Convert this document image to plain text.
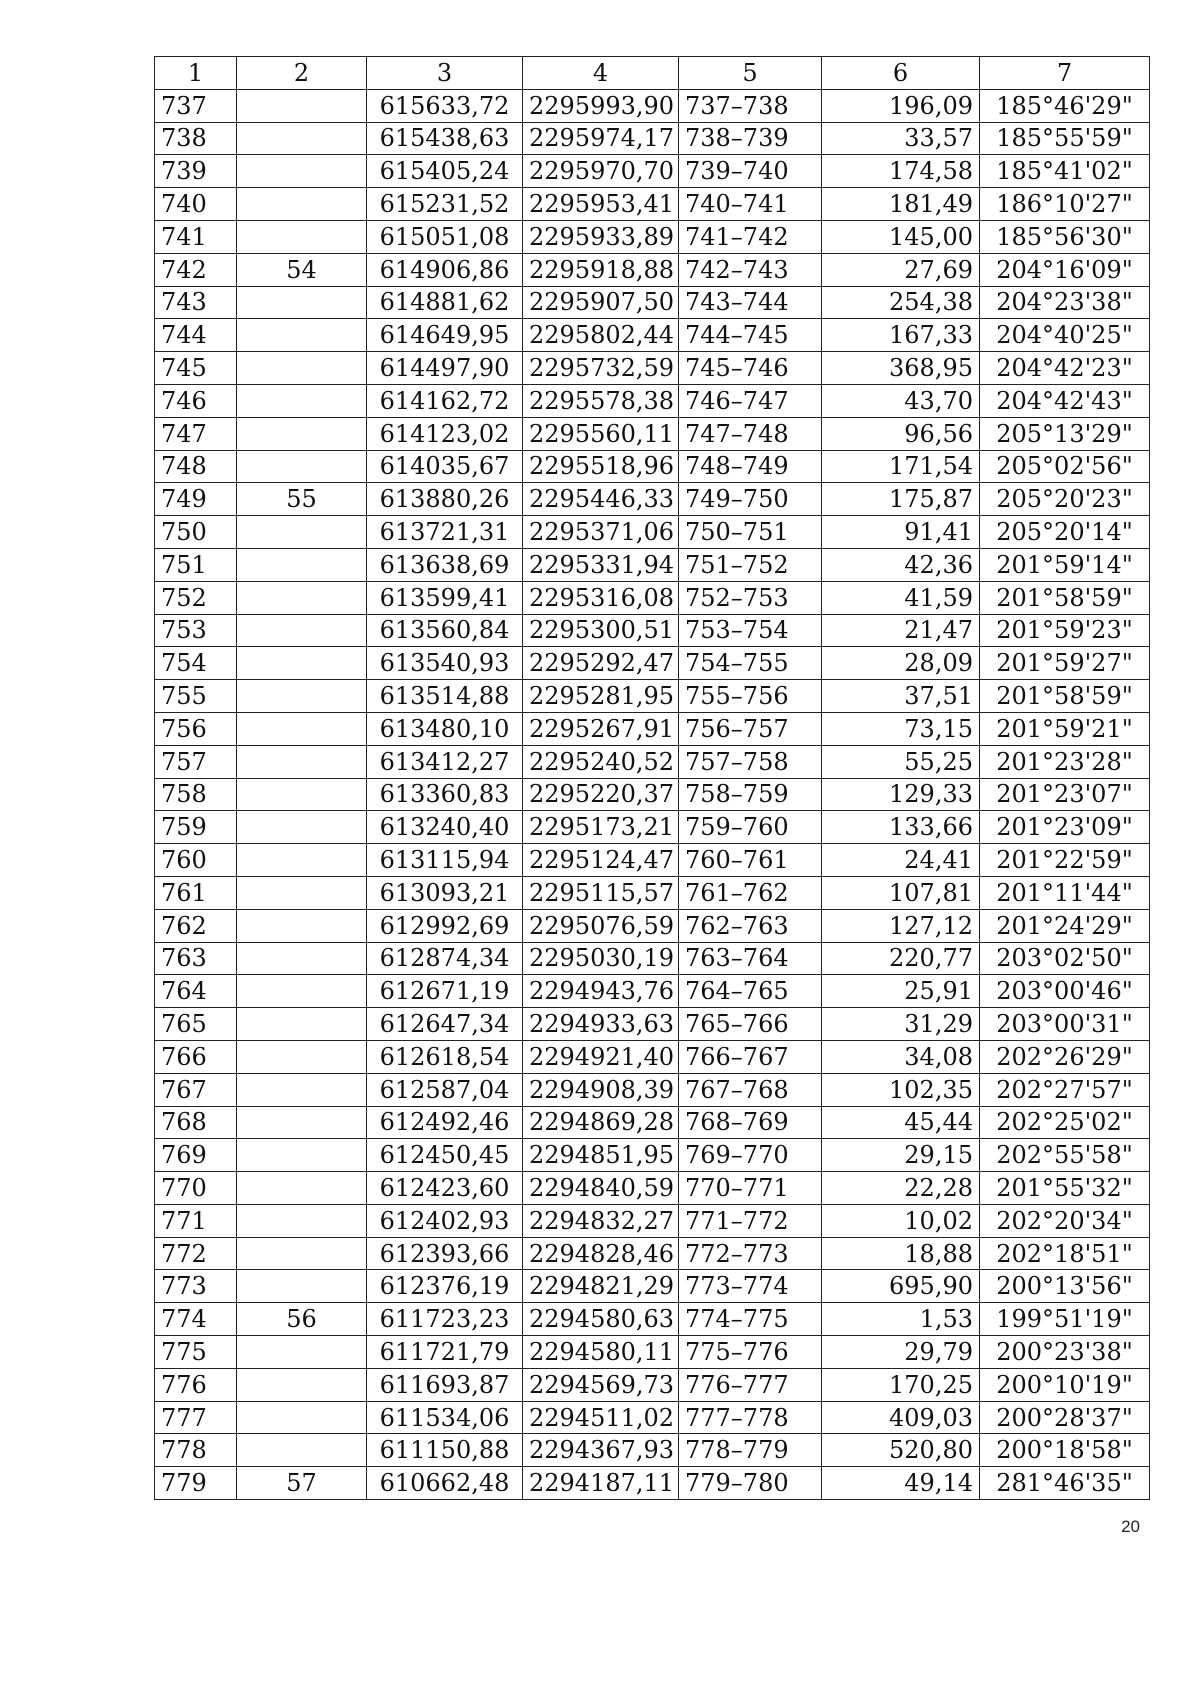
1	2	3	4	5	6	7
737		615633,72	2295993,90	737–738	196,09	185°46'29"
738		615438,63	2295974,17	738–739	33,57	185°55'59"
739		615405,24	2295970,70	739–740	174,58	185°41'02"
740		615231,52	2295953,41	740–741	181,49	186°10'27"
741		615051,08	2295933,89	741–742	145,00	185°56'30"
742	54	614906,86	2295918,88	742–743	27,69	204°16'09"
743		614881,62	2295907,50	743–744	254,38	204°23'38"
744		614649,95	2295802,44	744–745	167,33	204°40'25"
745		614497,90	2295732,59	745–746	368,95	204°42'23"
746		614162,72	2295578,38	746–747	43,70	204°42'43"
747		614123,02	2295560,11	747–748	96,56	205°13'29"
748		614035,67	2295518,96	748–749	171,54	205°02'56"
749	55	613880,26	2295446,33	749–750	175,87	205°20'23"
750		613721,31	2295371,06	750–751	91,41	205°20'14"
751		613638,69	2295331,94	751–752	42,36	201°59'14"
752		613599,41	2295316,08	752–753	41,59	201°58'59"
753		613560,84	2295300,51	753–754	21,47	201°59'23"
754		613540,93	2295292,47	754–755	28,09	201°59'27"
755		613514,88	2295281,95	755–756	37,51	201°58'59"
756		613480,10	2295267,91	756–757	73,15	201°59'21"
757		613412,27	2295240,52	757–758	55,25	201°23'28"
758		613360,83	2295220,37	758–759	129,33	201°23'07"
759		613240,40	2295173,21	759–760	133,66	201°23'09"
760		613115,94	2295124,47	760–761	24,41	201°22'59"
761		613093,21	2295115,57	761–762	107,81	201°11'44"
762		612992,69	2295076,59	762–763	127,12	201°24'29"
763		612874,34	2295030,19	763–764	220,77	203°02'50"
764		612671,19	2294943,76	764–765	25,91	203°00'46"
765		612647,34	2294933,63	765–766	31,29	203°00'31"
766		612618,54	2294921,40	766–767	34,08	202°26'29"
767		612587,04	2294908,39	767–768	102,35	202°27'57"
768		612492,46	2294869,28	768–769	45,44	202°25'02"
769		612450,45	2294851,95	769–770	29,15	202°55'58"
770		612423,60	2294840,59	770–771	22,28	201°55'32"
771		612402,93	2294832,27	771–772	10,02	202°20'34"
772		612393,66	2294828,46	772–773	18,88	202°18'51"
773		612376,19	2294821,29	773–774	695,90	200°13'56"
774	56	611723,23	2294580,63	774–775	1,53	199°51'19"
775		611721,79	2294580,11	775–776	29,79	200°23'38"
776		611693,87	2294569,73	776–777	170,25	200°10'19"
777		611534,06	2294511,02	777–778	409,03	200°28'37"
778		611150,88	2294367,93	778–779	520,80	200°18'58"
779	57	610662,48	2294187,11	779–780	49,14	281°46'35"
20
